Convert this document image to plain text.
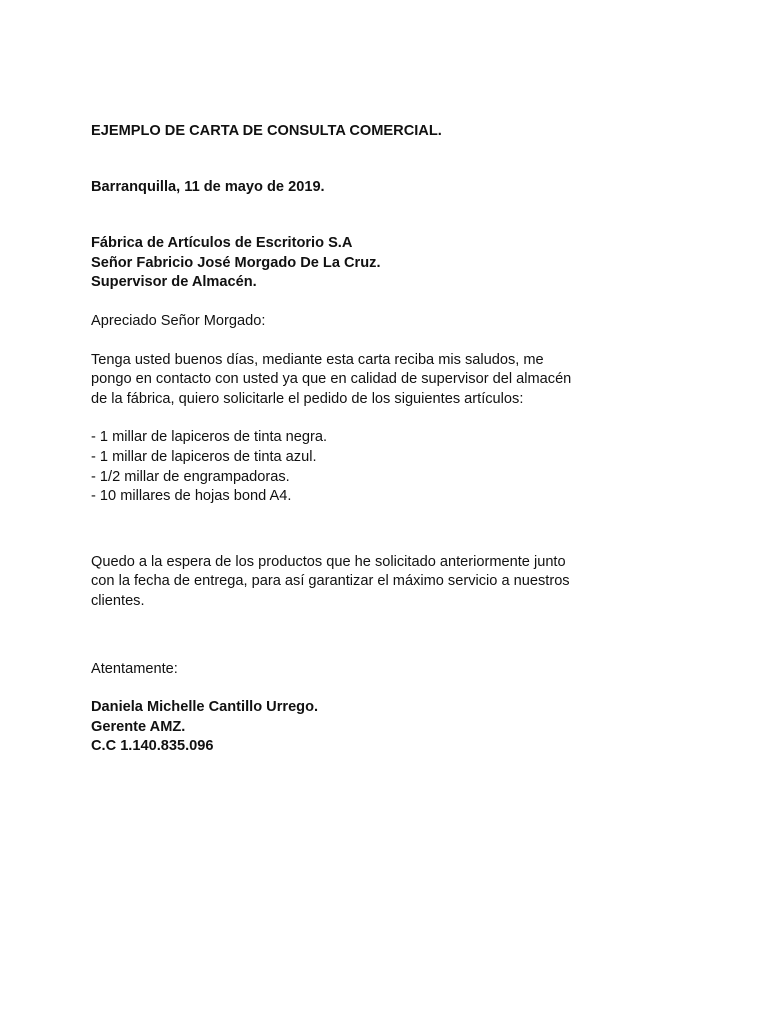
EJEMPLO DE CARTA DE CONSULTA COMERCIAL.
Barranquilla, 11 de mayo de 2019.
Fábrica de Artículos de Escritorio S.A
Señor Fabricio José Morgado De La Cruz.
Supervisor de Almacén.
Apreciado Señor Morgado:
Tenga usted buenos días, mediante esta carta reciba mis saludos, me
pongo en contacto con usted ya que en calidad de supervisor del almacén
de la fábrica, quiero solicitarle el pedido de los siguientes artículos:
- 1 millar de lapiceros de tinta negra.
- 1 millar de lapiceros de tinta azul.
- 1/2 millar de engrampadoras.
- 10 millares de hojas bond A4.
Quedo a la espera de los productos que he solicitado anteriormente junto
con la fecha de entrega, para así garantizar el máximo servicio a nuestros
clientes.
Atentamente:
Daniela Michelle Cantillo Urrego.
Gerente AMZ.
C.C 1.140.835.096
